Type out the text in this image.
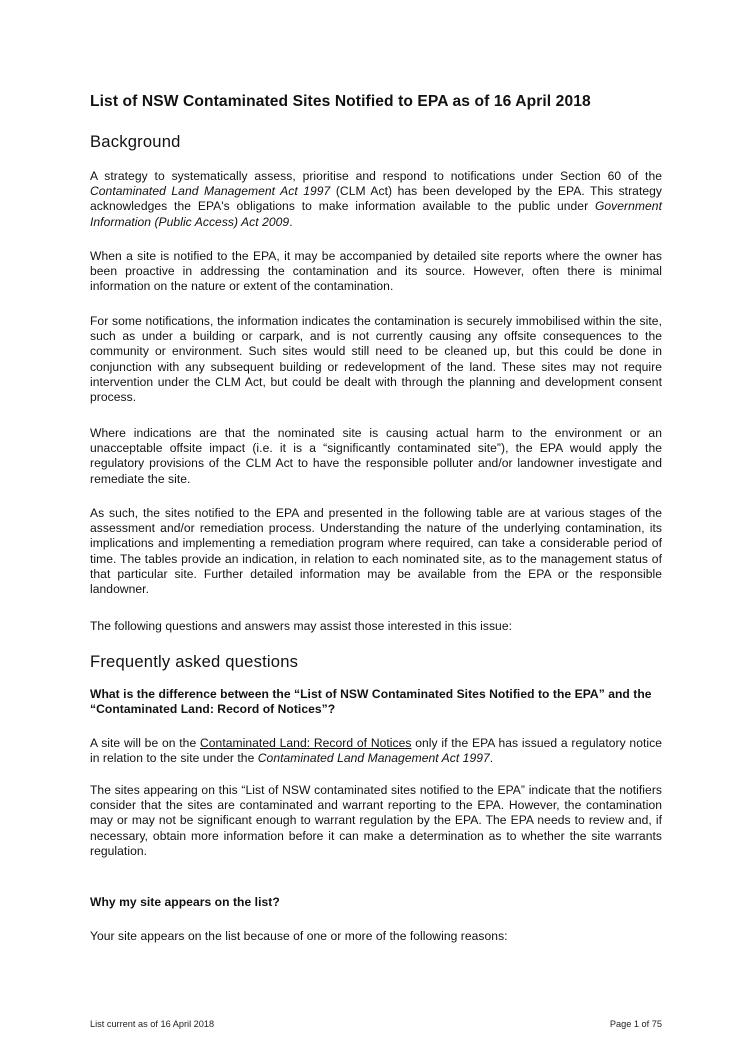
List of NSW Contaminated Sites Notified to EPA as of 16 April 2018
Background

A strategy to systematically assess, prioritise and respond to notifications under Section 60 of the Contaminated Land Management Act 1997 (CLM Act) has been developed by the EPA. This strategy acknowledges the EPA's obligations to make information available to the public under Government Information (Public Access) Act 2009.

When a site is notified to the EPA, it may be accompanied by detailed site reports where the owner has been proactive in addressing the contamination and its source. However, often there is minimal information on the nature or extent of the contamination.

For some notifications, the information indicates the contamination is securely immobilised within the site, such as under a building or carpark, and is not currently causing any offsite consequences to the community or environment. Such sites would still need to be cleaned up, but this could be done in conjunction with any subsequent building or redevelopment of the land. These sites may not require intervention under the CLM Act, but could be dealt with through the planning and development consent process.

Where indications are that the nominated site is causing actual harm to the environment or an unacceptable offsite impact (i.e. it is a “significantly contaminated site”), the EPA would apply the regulatory provisions of the CLM Act to have the responsible polluter and/or landowner investigate and remediate the site.

As such, the sites notified to the EPA and presented in the following table are at various stages of the assessment and/or remediation process. Understanding the nature of the underlying contamination, its implications and implementing a remediation program where required, can take a considerable period of time. The tables provide an indication, in relation to each nominated site, as to the management status of that particular site. Further detailed information may be available from the EPA or the responsible landowner.

The following questions and answers may assist those interested in this issue:

Frequently asked questions

What is the difference between the “List of NSW Contaminated Sites Notified to the EPA” and the “Contaminated Land: Record of Notices”?

A site will be on the Contaminated Land: Record of Notices only if the EPA has issued a regulatory notice in relation to the site under the Contaminated Land Management Act 1997.

The sites appearing on this “List of NSW contaminated sites notified to the EPA” indicate that the notifiers consider that the sites are contaminated and warrant reporting to the EPA. However, the contamination may or may not be significant enough to warrant regulation by the EPA. The EPA needs to review and, if necessary, obtain more information before it can make a determination as to whether the site warrants regulation.

Why my site appears on the list?

Your site appears on the list because of one or more of the following reasons:

List current as of 16 April 2018	Page 1 of 75
